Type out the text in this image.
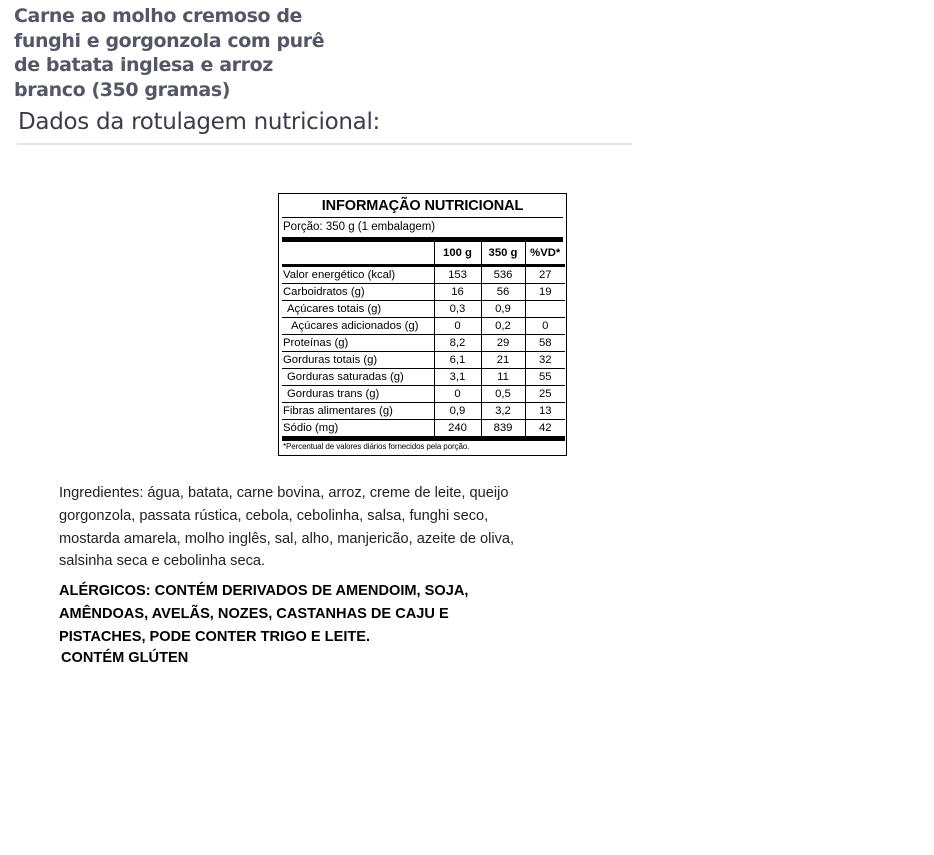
Carne ao molho cremoso de funghi e gorgonzola com purê de batata inglesa e arroz branco (350 gramas)
Dados da rotulagem nutricional:
INFORMAÇÃO NUTRICIONAL
Porção: 350 g (1 embalagem)
	100 g	350 g	%VD*
Valor energético (kcal)	153	536	27
Carboidratos (g)	16	56	19
Açúcares totais (g)	0,3	0,9	
Açúcares adicionados (g)	0	0,2	0
Proteínas (g)	8,2	29	58
Gorduras totais (g)	6,1	21	32
Gorduras saturadas (g)	3,1	11	55
Gorduras trans (g)	0	0,5	25
Fibras alimentares (g)	0,9	3,2	13
Sódio (mg)	240	839	42
*Percentual de valores diários fornecidos pela porção.

Ingredientes: água, batata, carne bovina, arroz, creme de leite, queijo gorgonzola, passata rústica, cebola, cebolinha, salsa, funghi seco, mostarda amarela, molho inglês, sal, alho, manjericão, azeite de oliva, salsinha seca e cebolinha seca.

ALÉRGICOS: CONTÉM DERIVADOS DE AMENDOIM, SOJA, AMÊNDOAS, AVELÃS, NOZES, CASTANHAS DE CAJU E PISTACHES, PODE CONTER TRIGO E LEITE.

CONTÉM GLÚTEN
